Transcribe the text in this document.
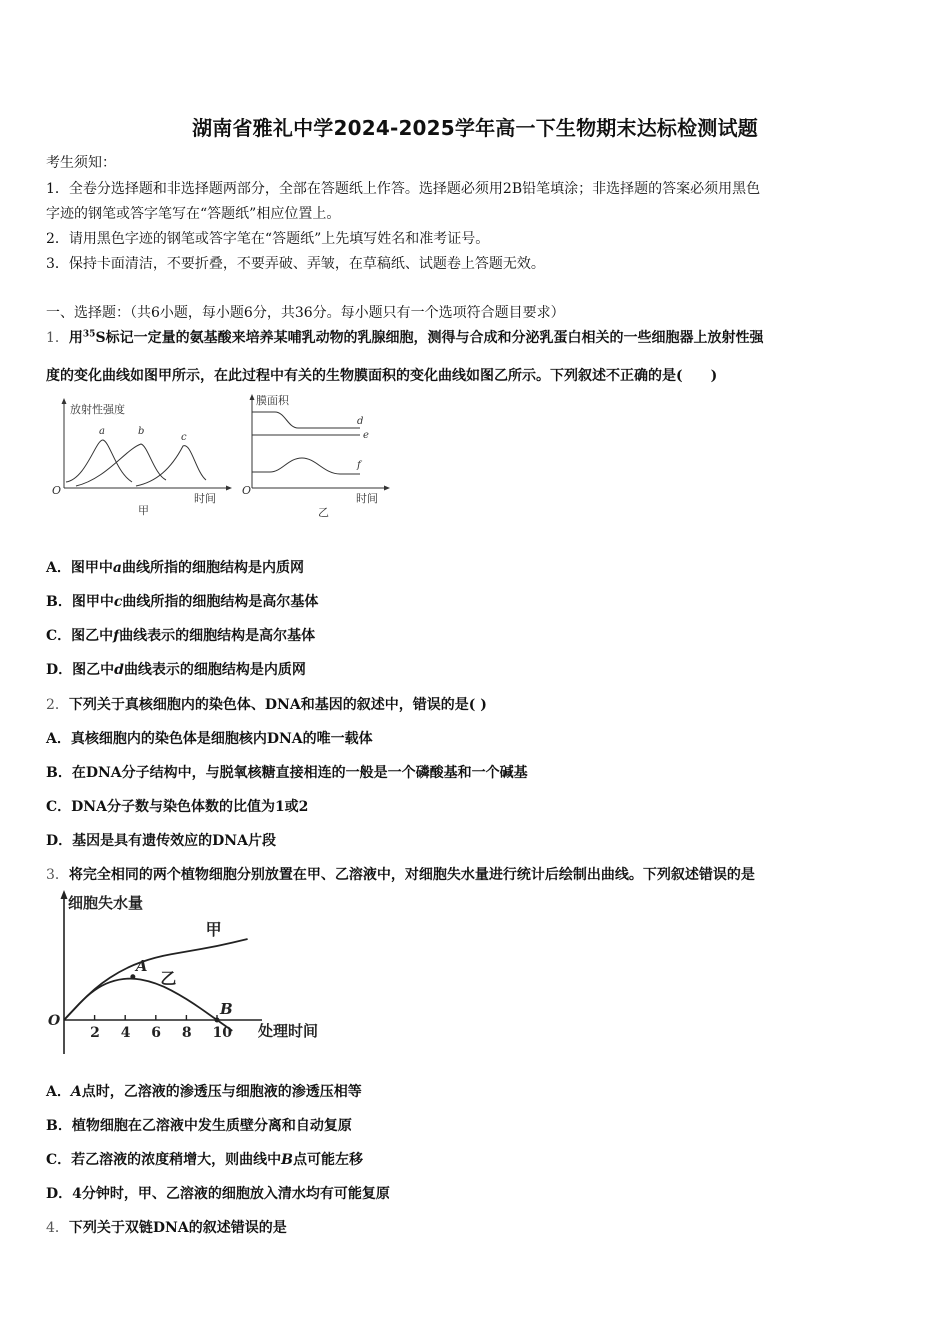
湖南省雅礼中学2024-2025学年高一下生物期末达标检测试题
考生须知：
1．全卷分选择题和非选择题两部分，全部在答题纸上作答。选择题必须用2B铅笔填涂；非选择题的答案必须用黑色
字迹的钢笔或答字笔写在“答题纸”相应位置上。
2．请用黑色字迹的钢笔或答字笔在“答题纸”上先填写姓名和准考证号。
3．保持卡面清洁，不要折叠，不要弄破、弄皱，在草稿纸、试题卷上答题无效。
一、选择题：（共6小题，每小题6分，共36分。每小题只有一个选项符合题目要求）
1．用$^{35}$S标记一定量的氨基酸来培养某哺乳动物的乳腺细胞，测得与合成和分泌乳蛋白相关的一些细胞器上放射性强
度的变化曲线如图甲所示，在此过程中有关的生物膜面积的变化曲线如图乙所示。下列叙述不正确的是(　　)
放射性强度
时间
O
a	b
c
甲
膜面积
时间
O
d
e
f
乙
A．图甲中a曲线所指的细胞结构是内质网
B．图甲中c曲线所指的细胞结构是高尔基体
C．图乙中f曲线表示的细胞结构是高尔基体
D．图乙中d曲线表示的细胞结构是内质网
2．下列关于真核细胞内的染色体、DNA和基因的叙述中，错误的是( )
A．真核细胞内的染色体是细胞核内DNA的唯一载体
B．在DNA分子结构中，与脱氧核糖直接相连的一般是一个磷酸基和一个碱基
C．DNA分子数与染色体数的比值为1或2
D．基因是具有遗传效应的DNA片段
3．将完全相同的两个植物细胞分别放置在甲、乙溶液中，对细胞失水量进行统计后绘制出曲线。下列叙述错误的是
细胞失水量
处理时间
O
2 4 6 8 10
甲
乙
A
B
A．A点时，乙溶液的渗透压与细胞液的渗透压相等
B．植物细胞在乙溶液中发生质壁分离和自动复原
C．若乙溶液的浓度稍增大，则曲线中B点可能左移
D．4分钟时，甲、乙溶液的细胞放入清水均有可能复原
4．下列关于双链DNA的叙述错误的是
